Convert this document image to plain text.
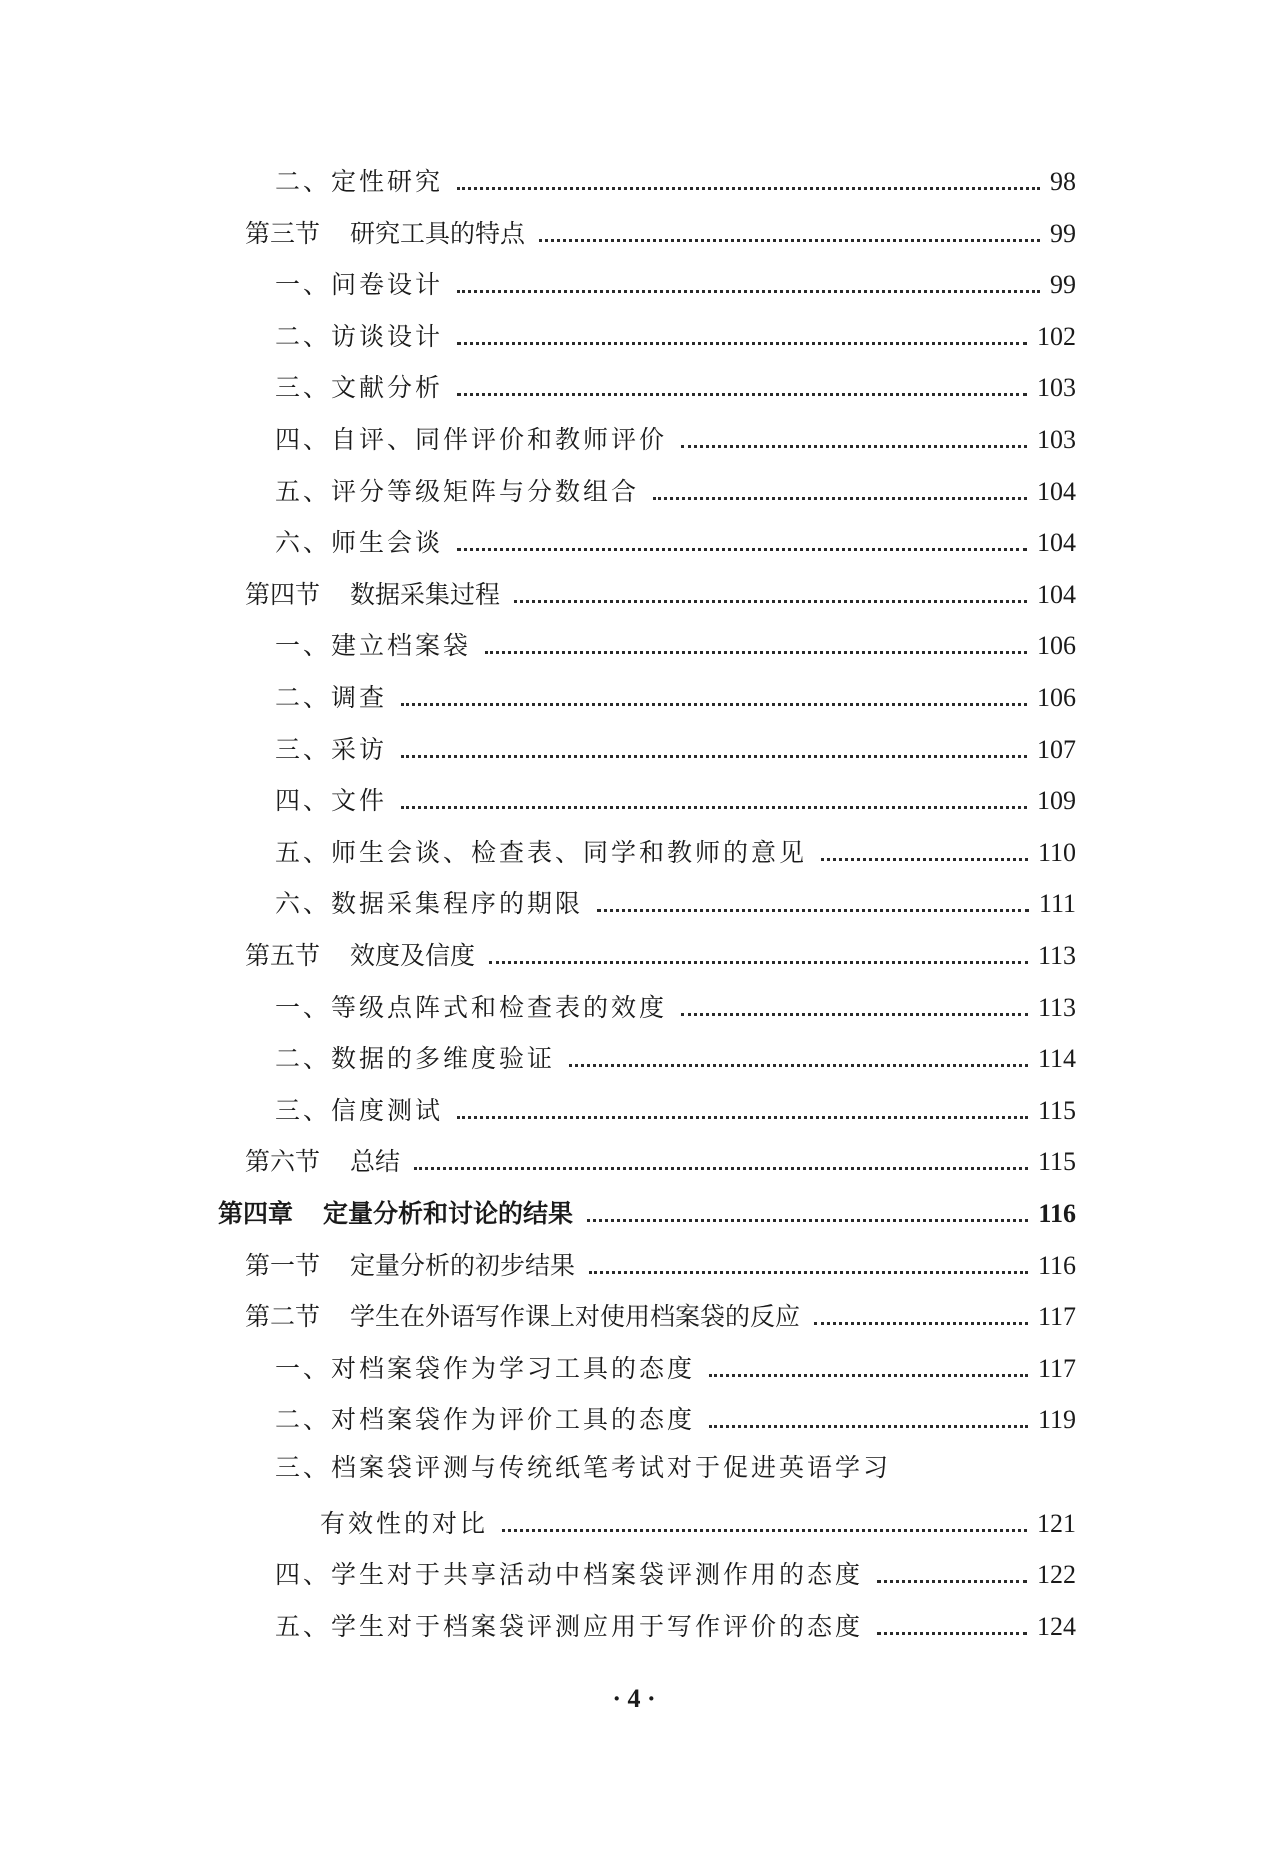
二、定性研究	98
第三节 研究工具的特点	99
一、问卷设计	99
二、访谈设计	102
三、文献分析	103
四、自评、同伴评价和教师评价	103
五、评分等级矩阵与分数组合	104
六、师生会谈	104
第四节 数据采集过程	104
一、建立档案袋	106
二、调查	106
三、采访	107
四、文件	109
五、师生会谈、检查表、同学和教师的意见	110
六、数据采集程序的期限	111
第五节 效度及信度	113
一、等级点阵式和检查表的效度	113
二、数据的多维度验证	114
三、信度测试	115
第六节 总结	115
第四章 定量分析和讨论的结果	116
第一节 定量分析的初步结果	116
第二节 学生在外语写作课上对使用档案袋的反应	117
一、对档案袋作为学习工具的态度	117
二、对档案袋作为评价工具的态度	119
三、档案袋评测与传统纸笔考试对于促进英语学习
有效性的对比	121
四、学生对于共享活动中档案袋评测作用的态度	122
五、学生对于档案袋评测应用于写作评价的态度	124
· 4 ·
